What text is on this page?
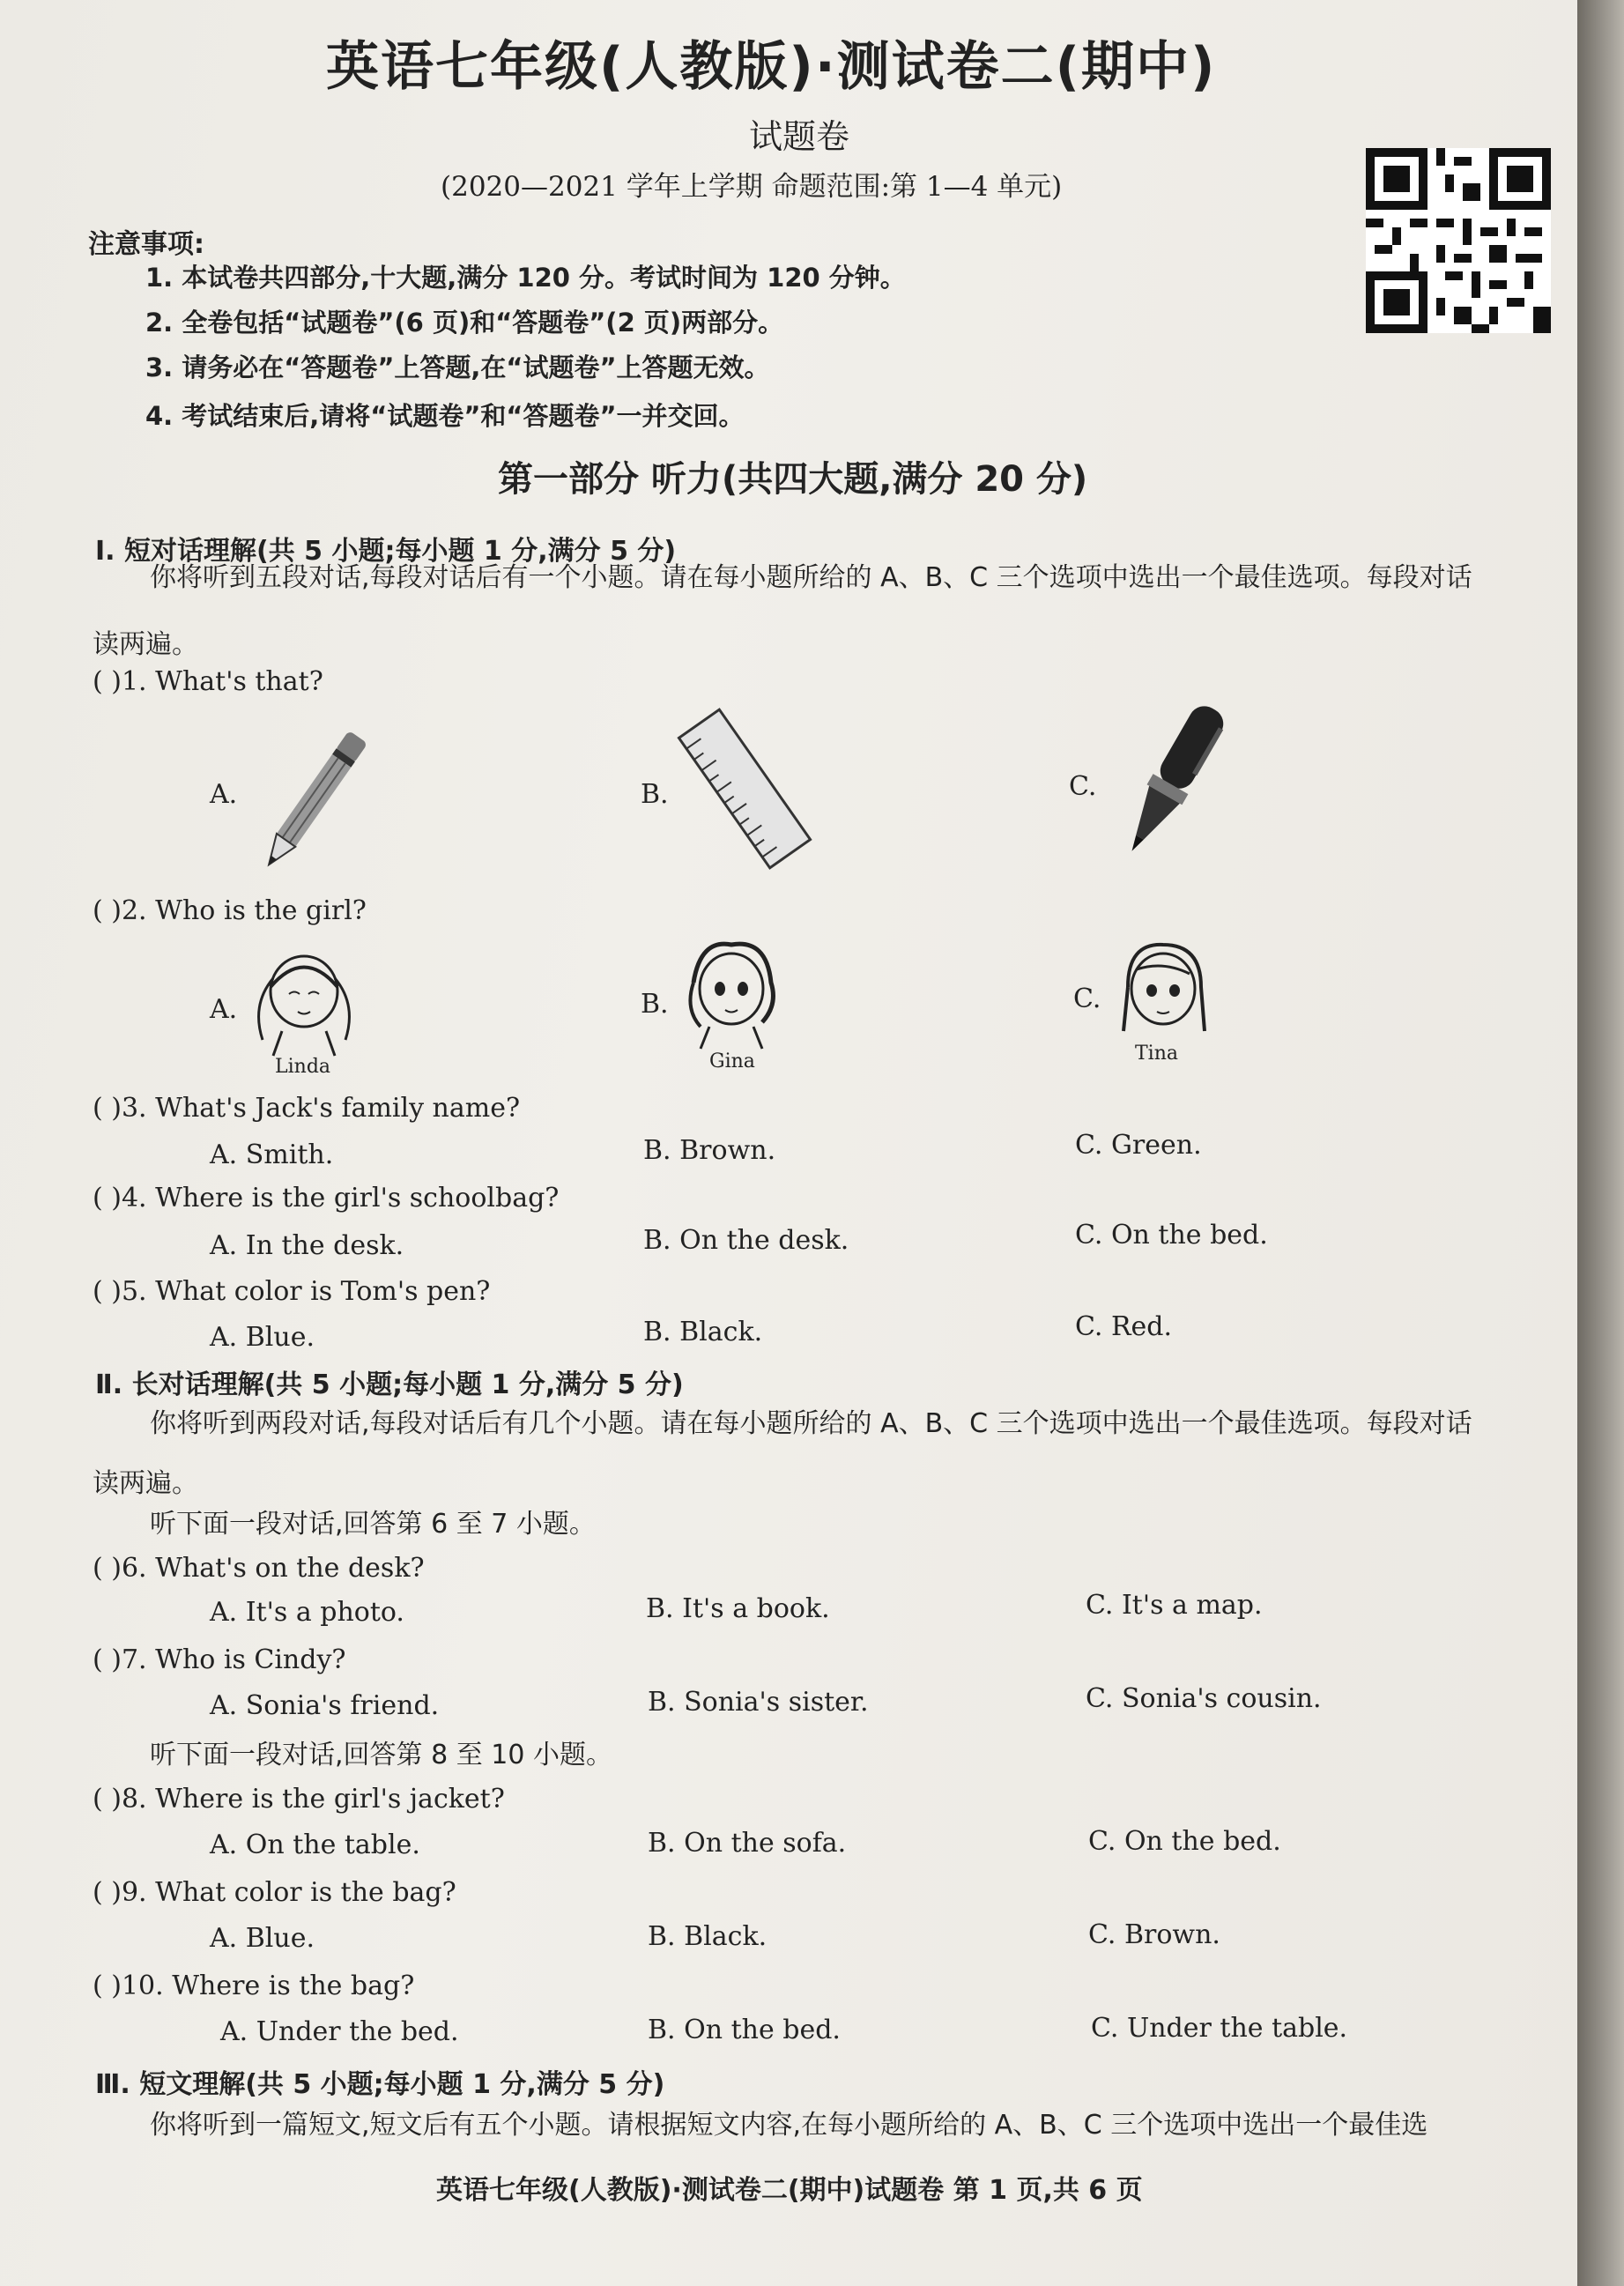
英语七年级(人教版)·测试卷二(期中)
试题卷
(2020—2021 学年上学期 命题范围:第 1—4 单元)
注意事项:
1. 本试卷共四部分,十大题,满分 120 分。考试时间为 120 分钟。
2. 全卷包括“试题卷”(6 页)和“答题卷”(2 页)两部分。
3. 请务必在“答题卷”上答题,在“试题卷”上答题无效。
4. 考试结束后,请将“试题卷”和“答题卷”一并交回。
第一部分 听力(共四大题,满分 20 分)
Ⅰ. 短对话理解(共 5 小题;每小题 1 分,满分 5 分)
你将听到五段对话,每段对话后有一个小题。请在每小题所给的 A、B、C 三个选项中选出一个最佳选项。每段对话
读两遍。
( )1. What's that?
A.	B.	C.
( )2. Who is the girl?
A.	B.	C.
Linda	Gina	Tina
( )3. What's Jack's family name?
A. Smith.	B. Brown.	C. Green.
( )4. Where is the girl's schoolbag?
A. In the desk.	B. On the desk.	C. On the bed.
( )5. What color is Tom's pen?
A. Blue.	B. Black.	C. Red.
Ⅱ. 长对话理解(共 5 小题;每小题 1 分,满分 5 分)
你将听到两段对话,每段对话后有几个小题。请在每小题所给的 A、B、C 三个选项中选出一个最佳选项。每段对话
读两遍。
听下面一段对话,回答第 6 至 7 小题。
( )6. What's on the desk?
A. It's a photo.	B. It's a book.	C. It's a map.
( )7. Who is Cindy?
A. Sonia's friend.	B. Sonia's sister.	C. Sonia's cousin.
听下面一段对话,回答第 8 至 10 小题。
( )8. Where is the girl's jacket?
A. On the table.	B. On the sofa.	C. On the bed.
( )9. What color is the bag?
A. Blue.	B. Black.	C. Brown.
( )10. Where is the bag?
A. Under the bed.	B. On the bed.	C. Under the table.
Ⅲ. 短文理解(共 5 小题;每小题 1 分,满分 5 分)
你将听到一篇短文,短文后有五个小题。请根据短文内容,在每小题所给的 A、B、C 三个选项中选出一个最佳选
英语七年级(人教版)·测试卷二(期中)试题卷 第 1 页,共 6 页
